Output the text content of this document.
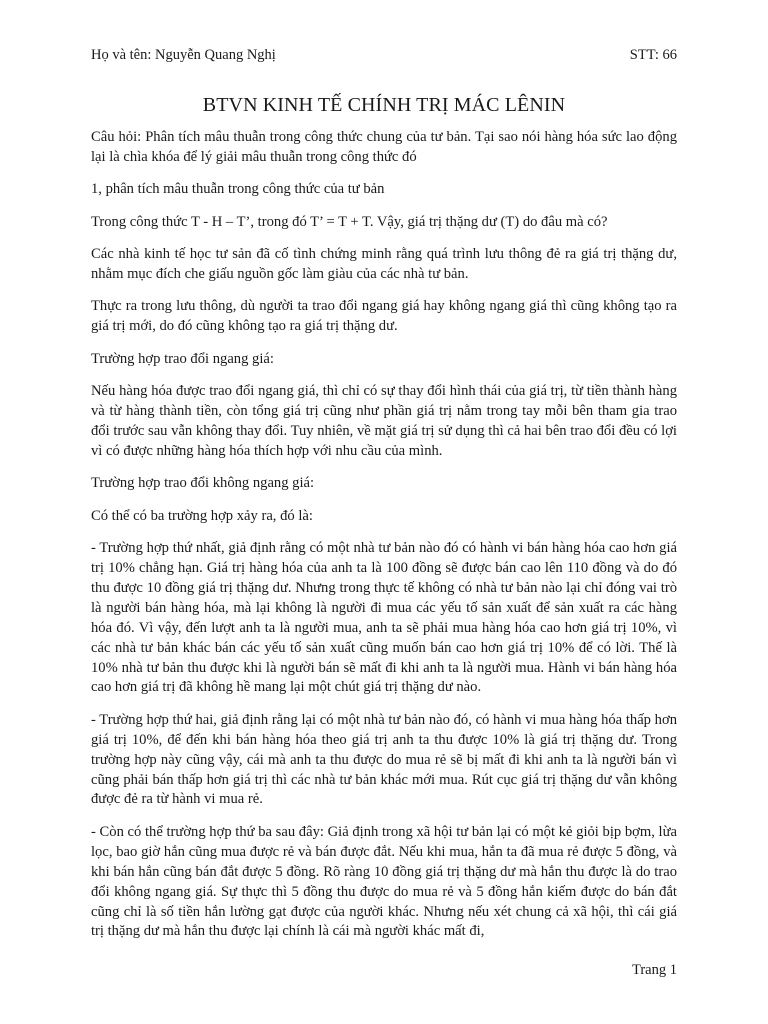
Họ và tên: Nguyễn Quang Nghị	STT: 66
BTVN KINH TẾ CHÍNH TRỊ MÁC LÊNIN

Câu hỏi: Phân tích mâu thuẫn trong công thức chung của tư bản. Tại sao nói hàng hóa sức lao động lại là chìa khóa để lý giải mâu thuẫn trong công thức đó

1, phân tích mâu thuẫn trong công thức của tư bản

Trong công thức T - H – T’, trong đó T’ = T + T. Vậy, giá trị thặng dư (T) do đâu mà có?

Các nhà kinh tế học tư sản đã cố tình chứng minh rằng quá trình lưu thông đẻ ra giá trị thặng dư, nhằm mục đích che giấu nguồn gốc làm giàu của các nhà tư bản.

Thực ra trong lưu thông, dù người ta trao đổi ngang giá hay không ngang giá thì cũng không tạo ra giá trị mới, do đó cũng không tạo ra giá trị thặng dư.

Trường hợp trao đổi ngang giá:

Nếu hàng hóa được trao đổi ngang giá, thì chỉ có sự thay đổi hình thái của giá trị, từ tiền thành hàng và từ hàng thành tiền, còn tổng giá trị cũng như phần giá trị nằm trong tay mỗi bên tham gia trao đổi trước sau vẫn không thay đổi. Tuy nhiên, về mặt giá trị sử dụng thì cả hai bên trao đổi đều có lợi vì có được những hàng hóa thích hợp với nhu cầu của mình.

Trường hợp trao đổi không ngang giá:

Có thể có ba trường hợp xảy ra, đó là:

- Trường hợp thứ nhất, giả định rằng có một nhà tư bản nào đó có hành vi bán hàng hóa cao hơn giá trị 10% chẳng hạn. Giá trị hàng hóa của anh ta là 100 đồng sẽ được bán cao lên 110 đồng và do đó thu được 10 đồng giá trị thặng dư. Nhưng trong thực tế không có nhà tư bản nào lại chỉ đóng vai trò là người bán hàng hóa, mà lại không là người đi mua các yếu tố sản xuất để sản xuất ra các hàng hóa đó. Vì vậy, đến lượt anh ta là người mua, anh ta sẽ phải mua hàng hóa cao hơn giá trị 10%, vì các nhà tư bản khác bán các yếu tố sản xuất cũng muốn bán cao hơn giá trị 10% để có lời. Thế là 10% nhà tư bản thu được khi là người bán sẽ mất đi khi anh ta là người mua. Hành vi bán hàng hóa cao hơn giá trị đã không hề mang lại một chút giá trị thặng dư nào.

- Trường hợp thứ hai, giả định rằng lại có một nhà tư bản nào đó, có hành vi mua hàng hóa thấp hơn giá trị 10%, để đến khi bán hàng hóa theo giá trị anh ta thu được 10% là giá trị thặng dư. Trong trường hợp này cũng vậy, cái mà anh ta thu được do mua rẻ sẽ bị mất đi khi anh ta là người bán vì cũng phải bán thấp hơn giá trị thì các nhà tư bản khác mới mua. Rút cục giá trị thặng dư vẫn không được đẻ ra từ hành vi mua rẻ.

- Còn có thể trường hợp thứ ba sau đây: Giả định trong xã hội tư bản lại có một kẻ giỏi bịp bợm, lừa lọc, bao giờ hắn cũng mua được rẻ và bán được đắt. Nếu khi mua, hắn ta đã mua rẻ được 5 đồng, và khi bán hắn cũng bán đắt được 5 đồng. Rõ ràng 10 đồng giá trị thặng dư mà hắn thu được là do trao đổi không ngang giá. Sự thực thì 5 đồng thu được do mua rẻ và 5 đồng hắn kiếm được do bán đắt cũng chỉ là số tiền hắn lường gạt được của người khác. Nhưng nếu xét chung cả xã hội, thì cái giá trị thặng dư mà hắn thu được lại chính là cái mà người khác mất đi,

Trang 1
